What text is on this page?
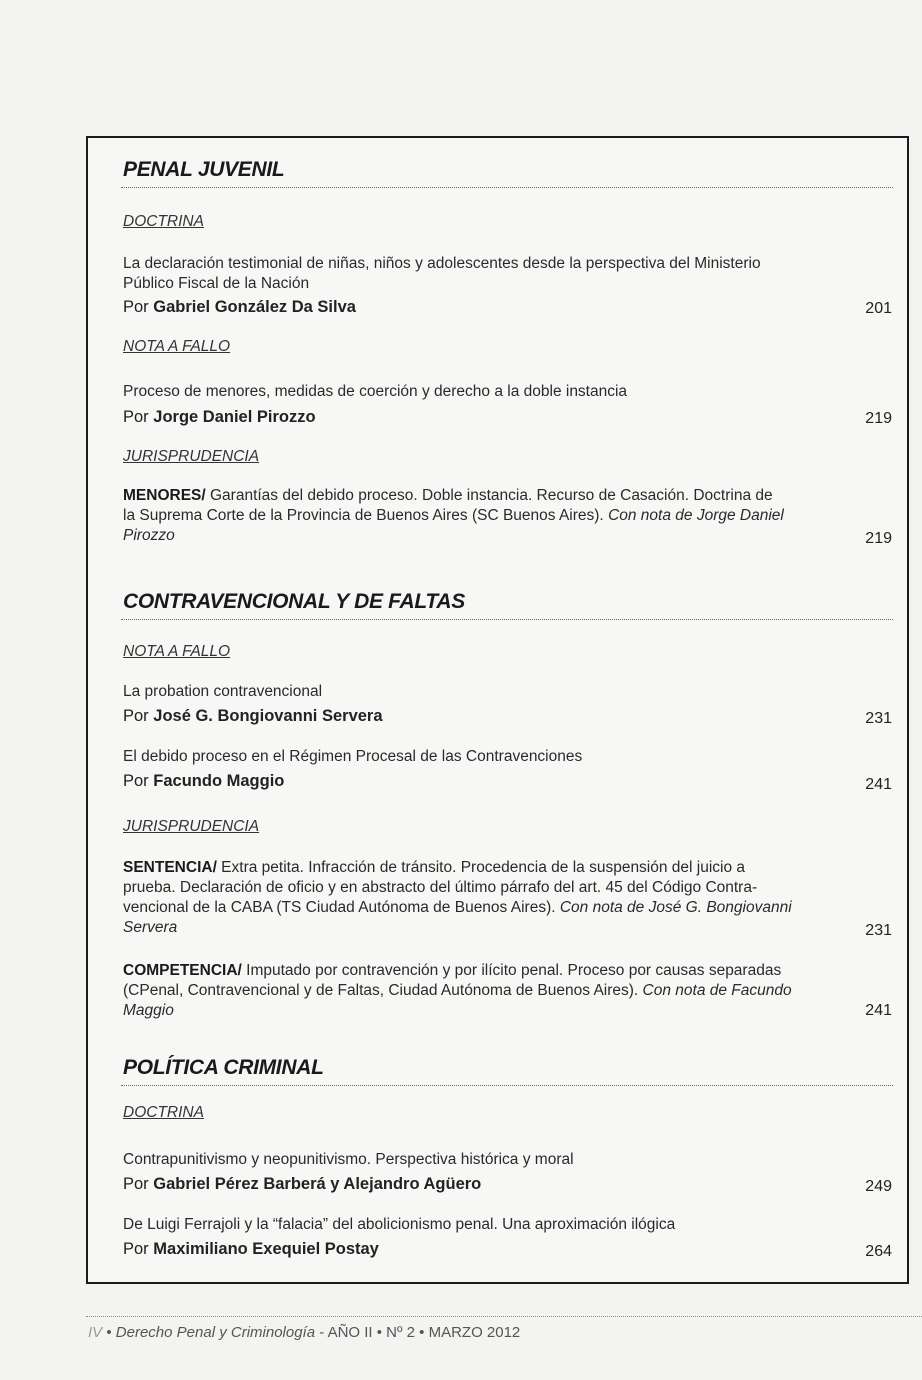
PENAL JUVENIL
DOCTRINA
La declaración testimonial de niñas, niños y adolescentes desde la perspectiva del Ministerio
Público Fiscal de la Nación
Por Gabriel González Da Silva	201
NOTA A FALLO
Proceso de menores, medidas de coerción y derecho a la doble instancia
Por Jorge Daniel Pirozzo	219
JURISPRUDENCIA
MENORES/ Garantías del debido proceso. Doble instancia. Recurso de Casación. Doctrina de
la Suprema Corte de la Provincia de Buenos Aires (SC Buenos Aires). Con nota de Jorge Daniel
Pirozzo	219
CONTRAVENCIONAL Y DE FALTAS
NOTA A FALLO
La probation contravencional
Por José G. Bongiovanni Servera	231
El debido proceso en el Régimen Procesal de las Contravenciones
Por Facundo Maggio	241
JURISPRUDENCIA
SENTENCIA/ Extra petita. Infracción de tránsito. Procedencia de la suspensión del juicio a
prueba. Declaración de oficio y en abstracto del último párrafo del art. 45 del Código Contra-
vencional de la CABA (TS Ciudad Autónoma de Buenos Aires). Con nota de José G. Bongiovanni
Servera	231
COMPETENCIA/ Imputado por contravención y por ilícito penal. Proceso por causas separadas
(CPenal, Contravencional y de Faltas, Ciudad Autónoma de Buenos Aires). Con nota de Facundo
Maggio	241
POLÍTICA CRIMINAL
DOCTRINA
Contrapunitivismo y neopunitivismo. Perspectiva histórica y moral
Por Gabriel Pérez Barberá y Alejandro Agüero	249
De Luigi Ferrajoli y la “falacia” del abolicionismo penal. Una aproximación ilógica
Por Maximiliano Exequiel Postay	264
IV • Derecho Penal y Criminología - AÑO II • Nº 2 • MARZO 2012
